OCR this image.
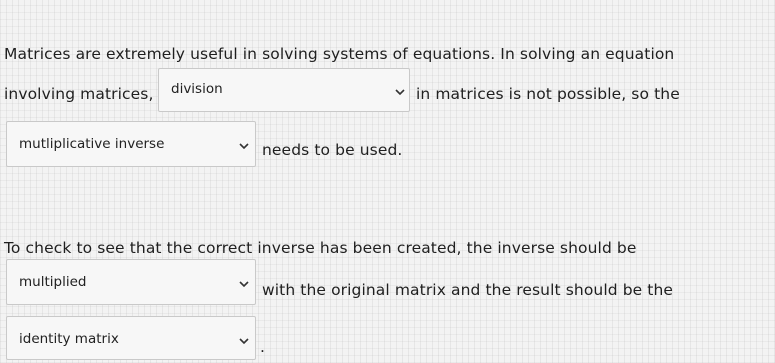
Matrices are extremely useful in solving systems of equations. In solving an equation
involving matrices, division	in matrices is not possible, so the
mutliplicative inverse	needs to be used.
To check to see that the correct inverse has been created, the inverse should be
multiplied	with the original matrix and the result should be the
identity matrix	.
